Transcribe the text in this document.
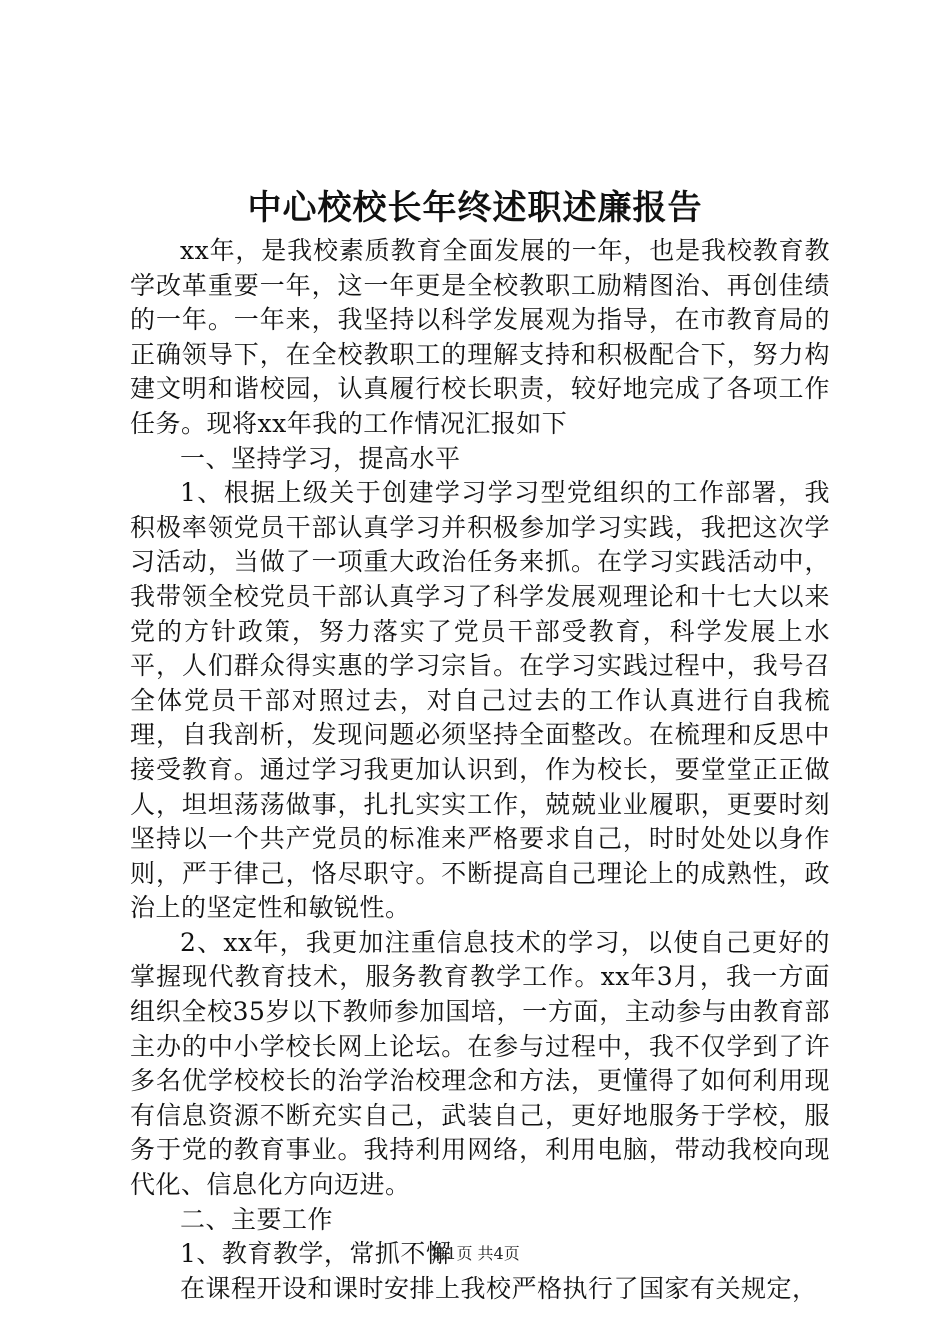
中心校校长年终述职述廉报告

xx年，是我校素质教育全面发展的一年，也是我校教育教学改革重要一年，这一年更是全校教职工励精图治、再创佳绩的一年。一年来，我坚持以科学发展观为指导，在市教育局的正确领导下，在全校教职工的理解支持和积极配合下，努力构建文明和谐校园，认真履行校长职责，较好地完成了各项工作任务。现将xx年我的工作情况汇报如下

一、坚持学习，提高水平

1、根据上级关于创建学习学习型党组织的工作部署，我积极率领党员干部认真学习并积极参加学习实践，我把这次学习活动，当做了一项重大政治任务来抓。在学习实践活动中，我带领全校党员干部认真学习了科学发展观理论和十七大以来党的方针政策，努力落实了党员干部受教育，科学发展上水平，人们群众得实惠的学习宗旨。在学习实践过程中，我号召全体党员干部对照过去，对自己过去的工作认真进行自我梳理，自我剖析，发现问题必须坚持全面整改。在梳理和反思中接受教育。通过学习我更加认识到，作为校长，要堂堂正正做人，坦坦荡荡做事，扎扎实实工作，兢兢业业履职，更要时刻坚持以一个共产党员的标准来严格要求自己，时时处处以身作则，严于律己，恪尽职守。不断提高自己理论上的成熟性，政治上的坚定性和敏锐性。

2、xx年，我更加注重信息技术的学习，以使自己更好的掌握现代教育技术，服务教育教学工作。xx年3月，我一方面组织全校35岁以下教师参加国培，一方面，主动参与由教育部主办的中小学校长网上论坛。在参与过程中，我不仅学到了许多名优学校校长的治学治校理念和方法，更懂得了如何利用现有信息资源不断充实自己，武装自己，更好地服务于学校，服务于党的教育事业。我持利用网络，利用电脑，带动我校向现代化、信息化方向迈进。

二、主要工作

1、教育教学，常抓不懈

在课程开设和课时安排上我校严格执行了国家有关规定，

第1页 共4页
